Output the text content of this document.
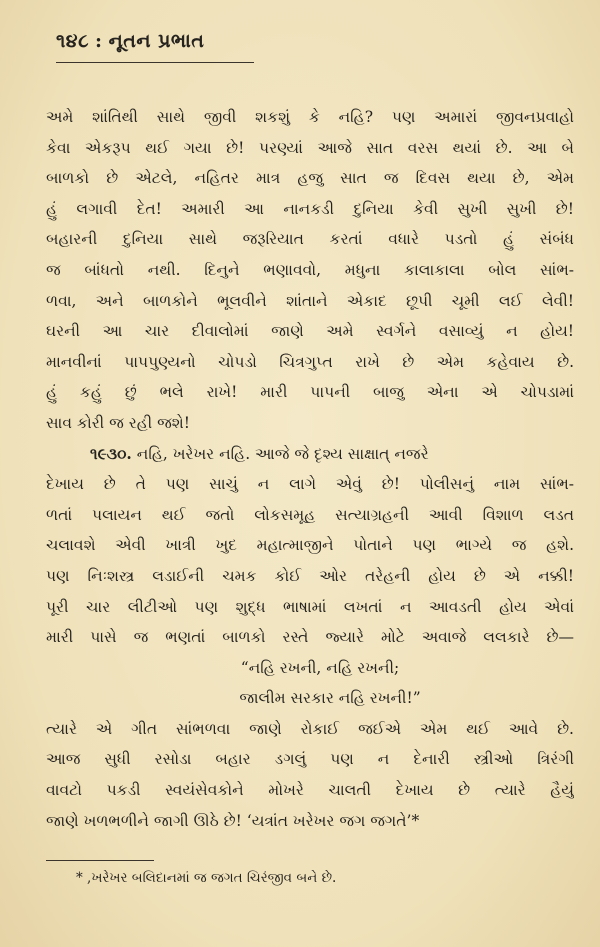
૧૪૮ : નૂતન પ્રભાત
અમે શાંતિથી સાથે જીવી શકશું કે નહિ? પણ અમારાં જીવનપ્રવાહો
કેવા એકરૂપ થઈ ગયા છે! પરણ્યાં આજે સાત વરસ થયાં છે. આ બે
બાળકો છે એટલે, નહિતર માત્ર હજુ સાત જ દિવસ થયા છે, એમ
હું લગાવી દેત! અમારી આ નાનકડી દુનિયા કેવી સુખી સુખી છે!
બહારની દુનિયા સાથે જરૂરિયાત કરતાં વધારે પડતો હું સંબંધ
જ બાંધતો નથી. દિનુને ભણાવવો, મધુના કાલાકાલા બોલ સાંભ-
ળવા, અને બાળકોને ભૂલવીને શાંતાને એકાદ છૂપી ચૂમી લઈ લેવી!
ઘરની આ ચાર દીવાલોમાં જાણે અમે સ્વર્ગને વસાવ્યું ન હોય!
માનવીનાં પાપપુણ્યનો ચોપડો ચિત્રગુપ્ત રાખે છે એમ કહેવાય છે.
હું કહું છું ભલે રાખે! મારી પાપની બાજુ એના એ ચોપડામાં
સાવ કોરી જ રહી જશે!
૧૯૩૦. નહિ, ખરેખર નહિ. આજે જે દૃશ્ય સાક્ષાત્ નજરે
દેખાય છે તે પણ સાચું ન લાગે એવું છે! પોલીસનું નામ સાંભ-
ળતાં પલાયન થઈ જતો લોકસમૂહ સત્યાગ્રહની આવી વિશાળ લડત
ચલાવશે એવી ખાત્રી ખુદ મહાત્માજીને પોતાને પણ ભાગ્યે જ હશે.
પણ નિઃશસ્ત્ર લડાઈની ચમક કોઈ ઓર તરેહની હોય છે એ નક્કી!
પૂરી ચાર લીટીઓ પણ શુદ્ધ ભાષામાં લખતાં ન આવડતી હોય એવાં
મારી પાસે જ ભણતાં બાળકો રસ્તે જ્યારે મોટે અવાજે લલકારે છે—
“નહિ રખની, નહિ રખની;
જાલીમ સરકાર નહિ રખની!”
ત્યારે એ ગીત સાંભળવા જાણે રોકાઈ જઈએ એમ થઈ આવે છે.
આજ સુધી રસોડા બહાર ડગલું પણ ન દેનારી સ્ત્રીઓ ત્રિરંગી
વાવટો પકડી સ્વયંસેવકોને મોખરે ચાલતી દેખાય છે ત્યારે હૈયું
જાણે ખળભળીને જાગી ઊઠે છે! ‘યત્રાંત ખરેખર જગ જગતે’*
* ,ખરેખર બલિદાનમાં જ જગત ચિરંજીવ બને છે.
